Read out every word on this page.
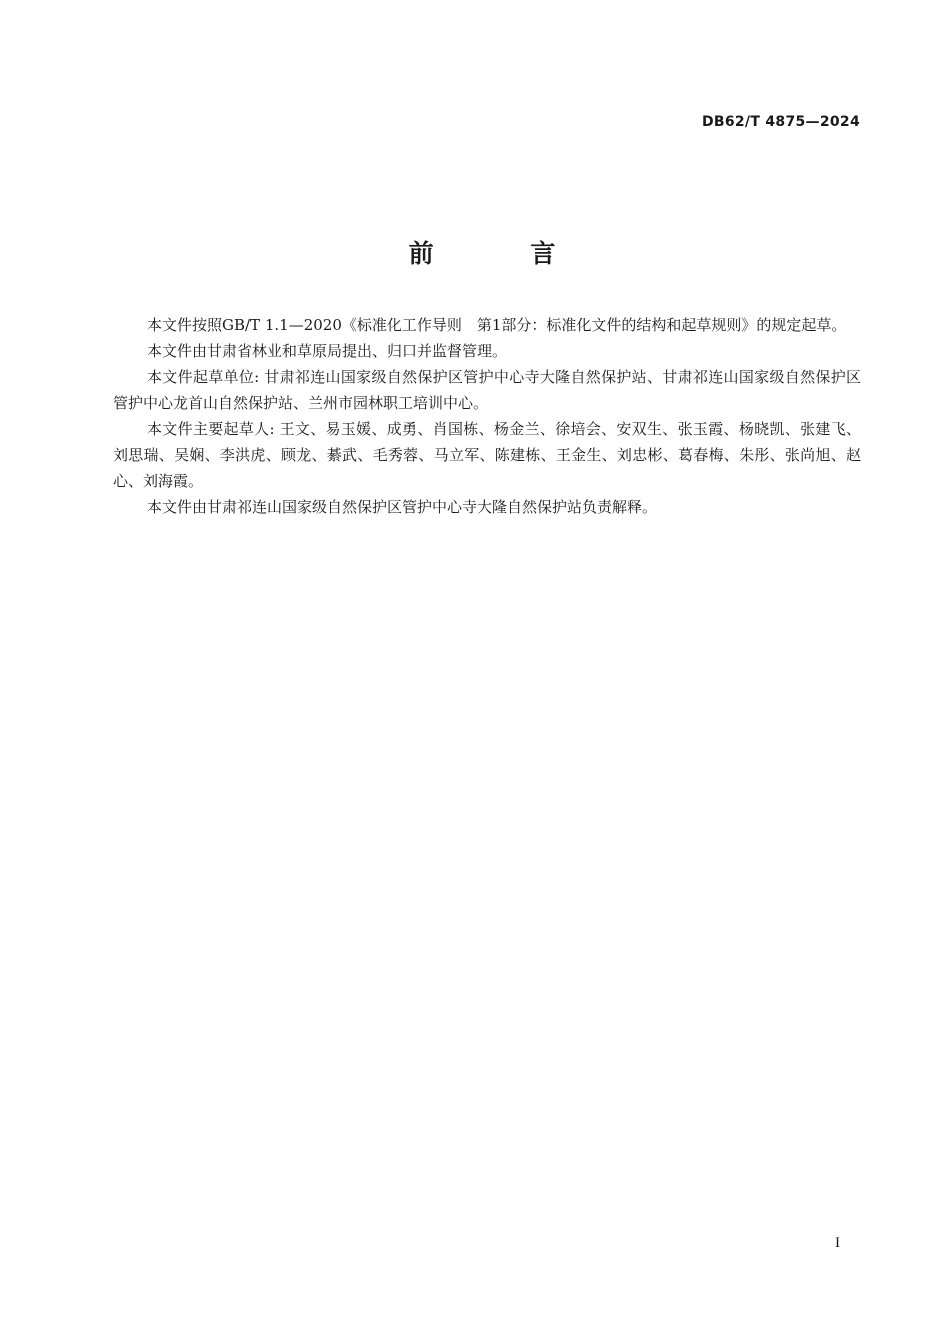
DB62/T 4875—2024
前 言

本文件按照GB/T 1.1—2020《标准化工作导则　第1部分：标准化文件的结构和起草规则》的规定起草。

本文件由甘肃省林业和草原局提出、归口并监督管理。

本文件起草单位: 甘肃祁连山国家级自然保护区管护中心寺大隆自然保护站、甘肃祁连山国家级自然保护区管护中心龙首山自然保护站、兰州市园林职工培训中心。

本文件主要起草人: 王文、易玉媛、成勇、肖国栋、杨金兰、徐培会、安双生、张玉霞、杨晓凯、张建飞、刘思瑞、吴娴、李洪虎、顾龙、綦武、毛秀蓉、马立军、陈建栋、王金生、刘忠彬、葛春梅、朱彤、张尚旭、赵心、刘海霞。

本文件由甘肃祁连山国家级自然保护区管护中心寺大隆自然保护站负责解释。

I
